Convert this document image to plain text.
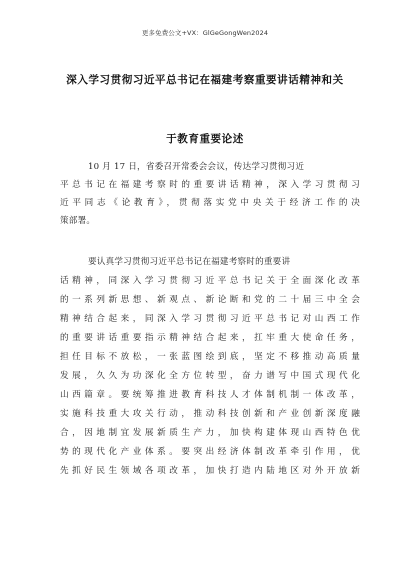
更多免费公文+VX：GlGeGongWen2024
深入学习贯彻习近平总书记在福建考察重要讲话精神和关
于教育重要论述
10 月 17 日，省委召开常委会会议，传达学习贯彻习近
平总书记在福建考察时的重要讲话精神，深入学习贯彻习
近平同志《论教育》，贯彻落实党中央关于经济工作的决
策部署。
要认真学习贯彻习近平总书记在福建考察时的重要讲
话精神，同深入学习贯彻习近平总书记关于全面深化改革
的一系列新思想、新观点、新论断和党的二十届三中全会
精神结合起来，同深入学习贯彻习近平总书记对山西工作
的重要讲话重要指示精神结合起来，扛牢重大使命任务，
担任目标不放松，一张蓝图绘到底，坚定不移推动高质量
发展，久久为功深化全方位转型，奋力谱写中国式现代化
山西篇章。要统筹推进教育科技人才体制机制一体改革，
实施科技重大攻关行动，推动科技创新和产业创新深度融
合，因地制宜发展新质生产力，加快构建体现山西特色优
势的现代化产业体系。要突出经济体制改革牵引作用，优
先抓好民生领域各项改革，加快打造内陆地区对外开放新
